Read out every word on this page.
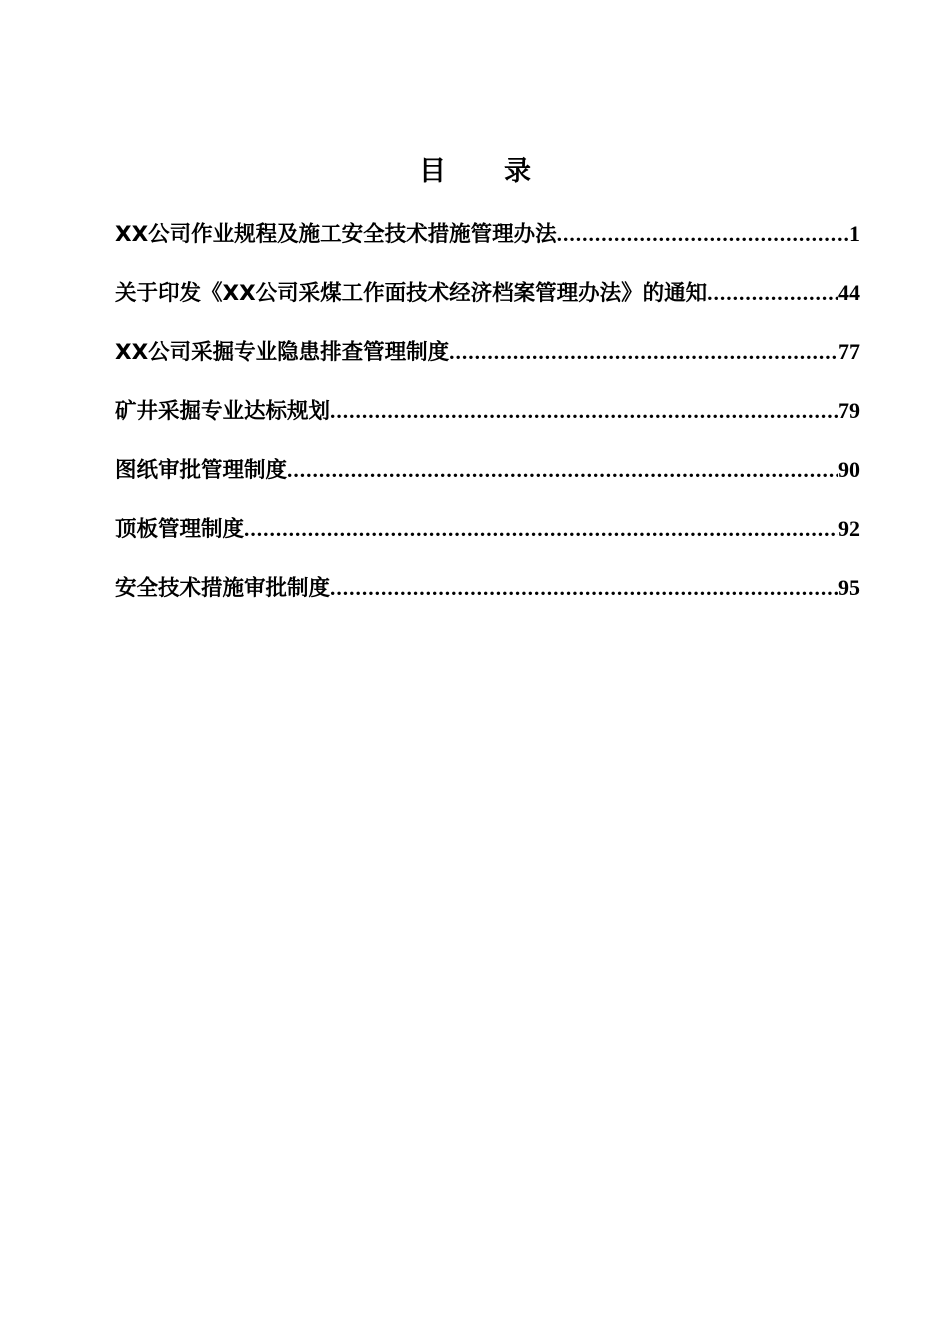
目录
XX公司作业规程及施工安全技术措施管理办法 .....	1
关于印发《XX公司采煤工作面技术经济档案管理办法》的通知 .....	44
XX公司采掘专业隐患排查管理制度 .....	77
矿井采掘专业达标规划 .....	79
图纸审批管理制度 .....	90
顶板管理制度 .....	92
安全技术措施审批制度 .....	95
